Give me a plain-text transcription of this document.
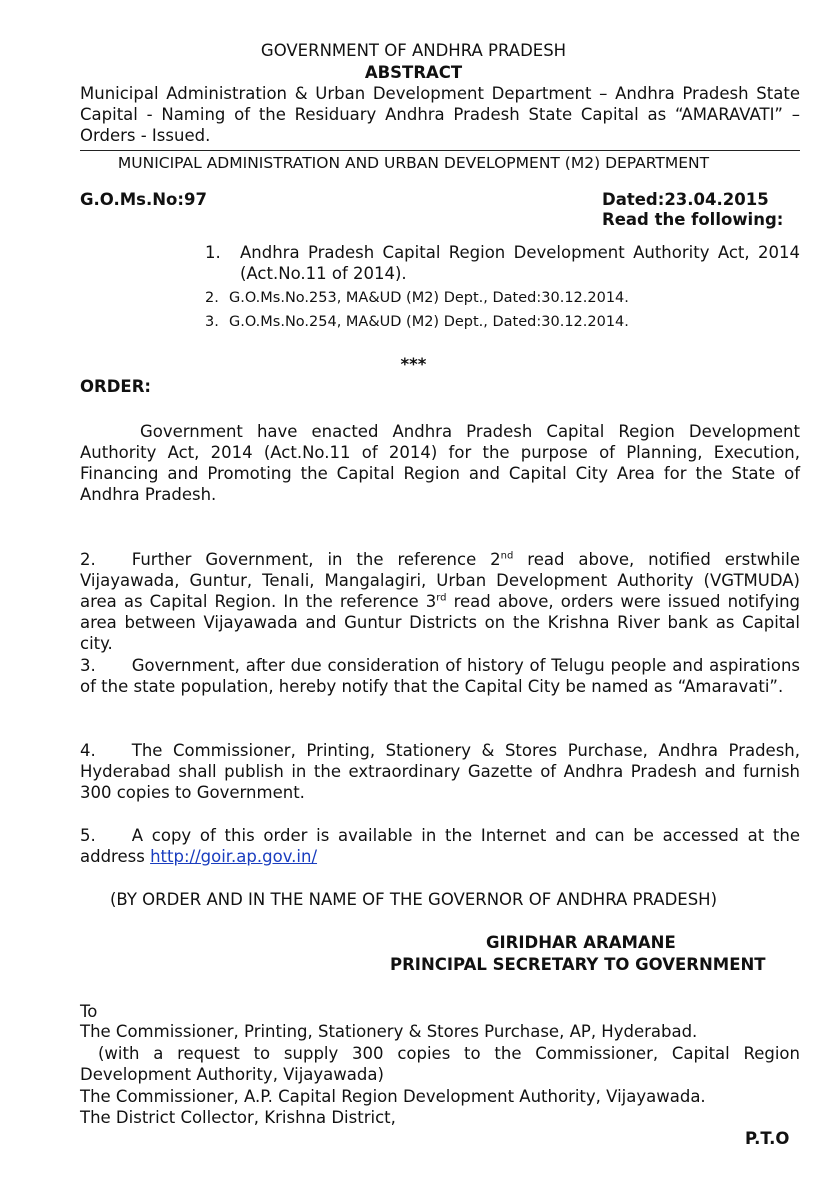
GOVERNMENT OF ANDHRA PRADESH
ABSTRACT
Municipal Administration & Urban Development Department – Andhra Pradesh State Capital - Naming of the Residuary Andhra Pradesh State Capital as “AMARAVATI” – Orders - Issued.
MUNICIPAL ADMINISTRATION AND URBAN DEVELOPMENT (M2) DEPARTMENT
G.O.Ms.No:97	Dated:23.04.2015
Read the following:
1. Andhra Pradesh Capital Region Development Authority Act, 2014 (Act.No.11 of 2014).
2. G.O.Ms.No.253, MA&UD (M2) Dept., Dated:30.12.2014.
3. G.O.Ms.No.254, MA&UD (M2) Dept., Dated:30.12.2014.
***
ORDER:
Government have enacted Andhra Pradesh Capital Region Development Authority Act, 2014 (Act.No.11 of 2014) for the purpose of Planning, Execution, Financing and Promoting the Capital Region and Capital City Area for the State of Andhra Pradesh.
2. Further Government, in the reference 2nd read above, notified erstwhile Vijayawada, Guntur, Tenali, Mangalagiri, Urban Development Authority (VGTMUDA) area as Capital Region. In the reference 3rd read above, orders were issued notifying area between Vijayawada and Guntur Districts on the Krishna River bank as Capital city.
3. Government, after due consideration of history of Telugu people and aspirations of the state population, hereby notify that the Capital City be named as “Amaravati”.
4. The Commissioner, Printing, Stationery & Stores Purchase, Andhra Pradesh, Hyderabad shall publish in the extraordinary Gazette of Andhra Pradesh and furnish 300 copies to Government.
5. A copy of this order is available in the Internet and can be accessed at the address http://goir.ap.gov.in/
(BY ORDER AND IN THE NAME OF THE GOVERNOR OF ANDHRA PRADESH)
GIRIDHAR ARAMANE
PRINCIPAL SECRETARY TO GOVERNMENT
To
The Commissioner, Printing, Stationery & Stores Purchase, AP, Hyderabad.
(with a request to supply 300 copies to the Commissioner, Capital Region Development Authority, Vijayawada)
The Commissioner, A.P. Capital Region Development Authority, Vijayawada.
The District Collector, Krishna District,
P.T.O
